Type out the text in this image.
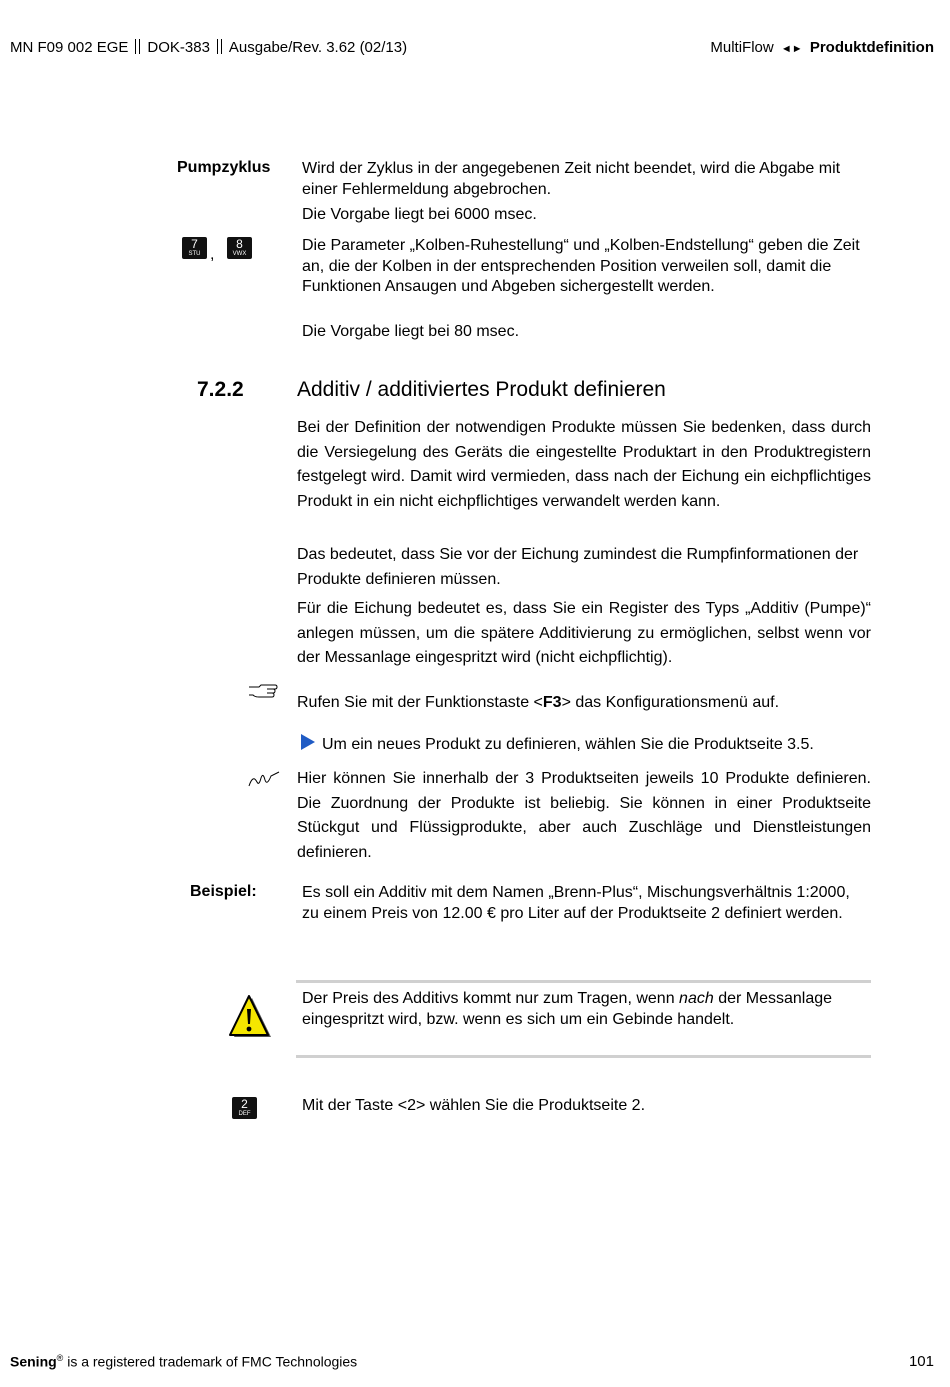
MN F09 002 EGE DOK-383 Ausgabe/Rev. 3.62 (02/13)	MultiFlow ◄► Produktdefinition
Pumpzyklus Wird der Zyklus in der angegebenen Zeit nicht beendet, wird die Abgabe mit einer Fehlermeldung abgebrochen.
Die Vorgabe liegt bei 6000 msec.
7
STU ,
8
VWX	Die Parameter „Kolben-Ruhestellung“ und „Kolben-Endstellung“ geben die Zeit an, die der Kolben in der entsprechenden Position verweilen soll, damit die Funktionen Ansaugen und Abgeben sichergestellt werden.
Die Vorgabe liegt bei 80 msec.
7.2.2	Additiv / additiviertes Produkt definieren
Bei der Definition der notwendigen Produkte müssen Sie bedenken, dass durch die Versiegelung des Geräts die eingestellte Produktart in den Produktregistern festgelegt wird. Damit wird vermieden, dass nach der Eichung ein eichpflichtiges Produkt in ein nicht eichpflichtiges verwandelt werden kann.
Das bedeutet, dass Sie vor der Eichung zumindest die Rumpfinformationen der Produkte definieren müssen.
Für die Eichung bedeutet es, dass Sie ein Register des Typs „Additiv (Pumpe)“ anlegen müssen, um die spätere Additivierung zu ermöglichen, selbst wenn vor der Messanlage eingespritzt wird (nicht eichpflichtig).
Rufen Sie mit der Funktionstaste <F3> das Konfigurationsmenü auf.
Um ein neues Produkt zu definieren, wählen Sie die Produktseite 3.5.
Hier können Sie innerhalb der 3 Produktseiten jeweils 10 Produkte definieren. Die Zuordnung der Produkte ist beliebig. Sie können in einer Produktseite Stückgut und Flüssigprodukte, aber auch Zuschläge und Dienstleistungen definieren.
Beispiel:	Es soll ein Additiv mit dem Namen „Brenn-Plus“, Mischungsverhältnis 1:2000, zu einem Preis von 12.00 € pro Liter auf der Produktseite 2 definiert werden.
Der Preis des Additivs kommt nur zum Tragen, wenn nach der Messanlage eingespritzt wird, bzw. wenn es sich um ein Gebinde handelt.
2
DEF	Mit der Taste <2> wählen Sie die Produktseite 2.
Sening® is a registered trademark of FMC Technologies	101
